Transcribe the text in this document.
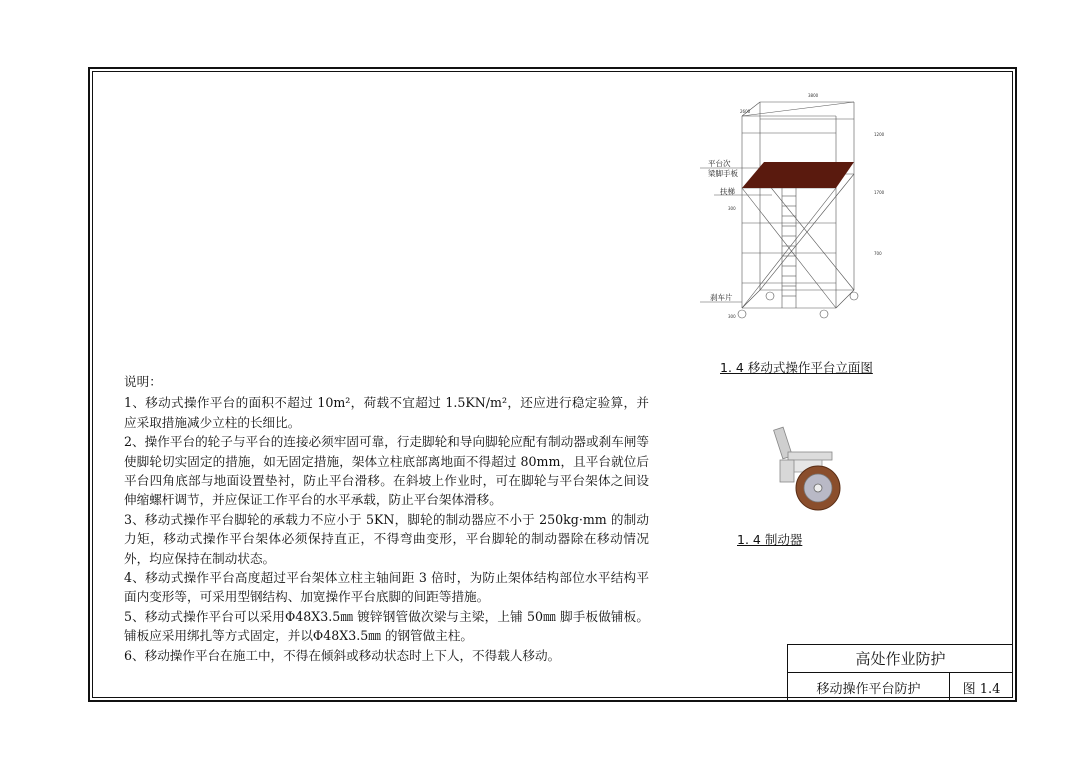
平台次
梁脚手板
扶梯
刹车片
3800
2600
1200
1700
300
700
300
1. 4 移动式操作平台立面图
1. 4 制动器

说明：

1、移动式操作平台的面积不超过 10m²，荷载不宜超过 1.5KN/m²，还应进行稳定验算，并应采取措施减少立柱的长细比。

2、操作平台的轮子与平台的连接必须牢固可靠，行走脚轮和导向脚轮应配有制动器或刹车闸等使脚轮切实固定的措施，如无固定措施，架体立柱底部离地面不得超过 80mm，且平台就位后平台四角底部与地面设置垫衬，防止平台滑移。在斜坡上作业时，可在脚轮与平台架体之间设伸缩螺杆调节，并应保证工作平台的水平承载，防止平台架体滑移。

3、移动式操作平台脚轮的承载力不应小于 5KN，脚轮的制动器应不小于 250kg·mm 的制动力矩，移动式操作平台架体必须保持直正，不得弯曲变形，平台脚轮的制动器除在移动情况外，均应保持在制动状态。

4、移动式操作平台高度超过平台架体立柱主轴间距 3 倍时，为防止架体结构部位水平结构平面内变形等，可采用型钢结构、加宽操作平台底脚的间距等措施。

5、移动式操作平台可以采用Φ48X3.5㎜ 镀锌钢管做次梁与主梁，上铺 50㎜ 脚手板做铺板。铺板应采用绑扎等方式固定，并以Φ48X3.5㎜ 的钢管做主柱。

6、移动操作平台在施工中，不得在倾斜或移动状态时上下人，不得载人移动。	高处作业防护
移动操作平台防护	图 1.4
